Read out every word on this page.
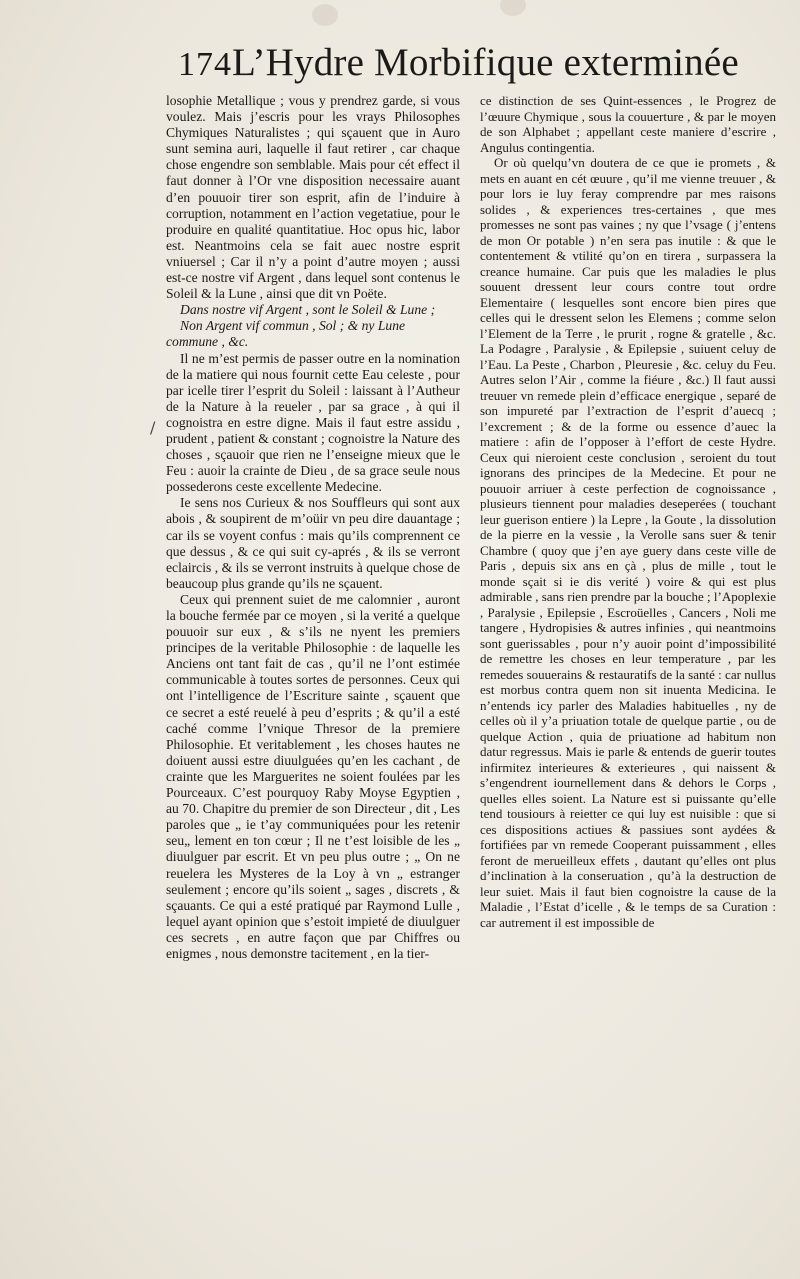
174 L’Hydre Morbifique exterminée
/

losophie Metallique ; vous y prendrez garde, si vous voulez. Mais j’escris pour les vrays Philosophes Chymiques Naturalistes ; qui sçauent que in Auro sunt semina auri, laquelle il faut retirer , car chaque chose engendre son semblable. Mais pour cét effect il faut donner à l’Or vne disposition necessaire auant d’en pouuoir tirer son esprit, afin de l’induire à corruption, notamment en l’action vegetatiue, pour le produire en qualité quantitatiue. Hoc opus hic, labor est. Neantmoins cela se fait auec nostre esprit vniuersel ; Car il n’y a point d’autre moyen ; aussi est-ce nostre vif Argent , dans lequel sont contenus le Soleil & la Lune , ainsi que dit vn Poëte.

Dans nostre vif Argent , sont le Soleil & Lune ;

Non Argent vif commun , Sol ; & ny Lune commune , &c.

Il ne m’est permis de passer outre en la nomination de la matiere qui nous fournit cette Eau celeste , pour par icelle tirer l’esprit du Soleil : laissant à l’Autheur de la Nature à la reueler , par sa grace , à qui il cognoistra en estre digne. Mais il faut estre assidu , prudent , patient & constant ; cognoistre la Nature des choses , sçauoir que rien ne l’enseigne mieux que le Feu : auoir la crainte de Dieu , de sa grace seule nous possederons ceste excellente Medecine.

Ie sens nos Curieux & nos Souffleurs qui sont aux abois , & soupirent de m’oüir vn peu dire dauantage ; car ils se voyent confus : mais qu’ils comprennent ce que dessus , & ce qui suit cy-aprés , & ils se verront eclaircis , & ils se verront instruits à quelque chose de beaucoup plus grande qu’ils ne sçauent.

Ceux qui prennent suiet de me calomnier , auront la bouche fermée par ce moyen , si la verité a quelque pouuoir sur eux , & s’ils ne nyent les premiers principes de la veritable Philosophie : de laquelle les Anciens ont tant fait de cas , qu’il ne l’ont estimée communicable à toutes sortes de personnes. Ceux qui ont l’intelligence de l’Escriture sainte , sçauent que ce secret a esté reuelé à peu d’esprits ; & qu’il a esté caché comme l’vnique Thresor de la premiere Philosophie. Et veritablement , les choses hautes ne doiuent aussi estre diuulguées qu’en les cachant , de crainte que les Marguerites ne soient foulées par les Pourceaux. C’est pourquoy Raby Moyse Egyptien , au 70. Chapitre du premier de son Directeur , dit , Les paroles que „ ie t’ay communiquées pour les retenir seu„ lement en ton cœur ; Il ne t’est loisible de les „ diuulguer par escrit. Et vn peu plus outre ; „ On ne reuelera les Mysteres de la Loy à vn „ estranger seulement ; encore qu’ils soient „ sages , discrets , & sçauants. Ce qui a esté pratiqué par Raymond Lulle , lequel ayant opinion que s’estoit impieté de diuulguer ces secrets , en autre façon que par Chiffres ou enigmes , nous demonstre tacitement , en la tier-

ce distinction de ses Quint-essences , le Progrez de l’œuure Chymique , sous la couuerture , & par le moyen de son Alphabet ; appellant ceste maniere d’escrire , Angulus contingentia.

Or où quelqu’vn doutera de ce que ie promets , & mets en auant en cét œuure , qu’il me vienne treuuer , & pour lors ie luy feray comprendre par mes raisons solides , & experiences tres-certaines , que mes promesses ne sont pas vaines ; ny que l’vsage ( j’entens de mon Or potable ) n’en sera pas inutile : & que le contentement & vtilité qu’on en tirera , surpassera la creance humaine. Car puis que les maladies le plus souuent dressent leur cours contre tout ordre Elementaire ( lesquelles sont encore bien pires que celles qui le dressent selon les Elemens ; comme selon l’Element de la Terre , le prurit , rogne & gratelle , &c. La Podagre , Paralysie , & Epilepsie , suiuent celuy de l’Eau. La Peste , Charbon , Pleuresie , &c. celuy du Feu. Autres selon l’Air , comme la fiéure , &c.) Il faut aussi treuuer vn remede plein d’efficace energique , separé de son impureté par l’extraction de l’esprit d’auecq ; l’excrement ; & de la forme ou essence d’auec la matiere : afin de l’opposer à l’effort de ceste Hydre. Ceux qui nieroient ceste conclusion , seroient du tout ignorans des principes de la Medecine. Et pour ne pouuoir arriuer à ceste perfection de cognoissance , plusieurs tiennent pour maladies deseperées ( touchant leur guerison entiere ) la Lepre , la Goute , la dissolution de la pierre en la vessie , la Verolle sans suer & tenir Chambre ( quoy que j’en aye guery dans ceste ville de Paris , depuis six ans en çà , plus de mille , tout le monde sçait si ie dis verité ) voire & qui est plus admirable , sans rien prendre par la bouche ; l’Apoplexie , Paralysie , Epilepsie , Escroüelles , Cancers , Noli me tangere , Hydropisies & autres infinies , qui neantmoins sont guerissables , pour n’y auoir point d’impossibilité de remettre les choses en leur temperature , par les remedes souuerains & restauratifs de la santé : car nullus est morbus contra quem non sit inuenta Medicina. Ie n’entends icy parler des Maladies habituelles , ny de celles où il y’a priuation totale de quelque partie , ou de quelque Action , quia de priuatione ad habitum non datur regressus. Mais ie parle & entends de guerir toutes infirmitez interieures & exterieures , qui naissent & s’engendrent iournellement dans & dehors le Corps , quelles elles soient. La Nature est si puissante qu’elle tend tousiours à reietter ce qui luy est nuisible : que si ces dispositions actiues & passiues sont aydées & fortifiées par vn remede Cooperant puissamment , elles feront de merueilleux effets , dautant qu’elles ont plus d’inclination à la conseruation , qu’à la destruction de leur suiet. Mais il faut bien cognoistre la cause de la Maladie , l’Estat d’icelle , & le temps de sa Curation : car autrement il est impossible de
